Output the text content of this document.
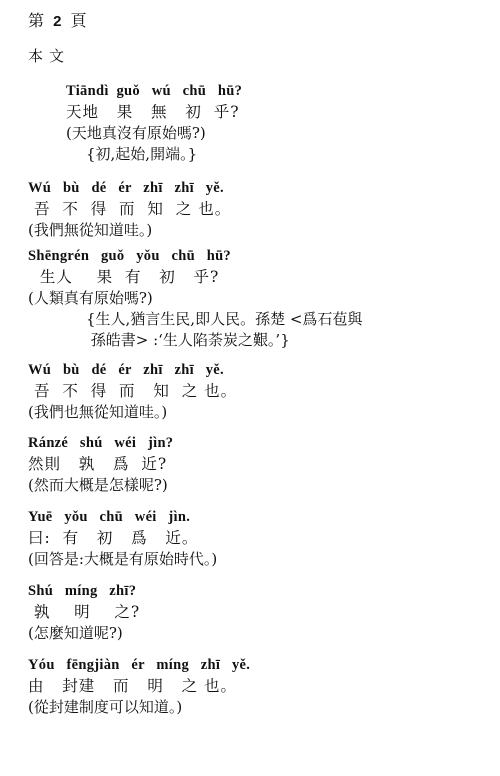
第 2 頁
本文
Tiāndì  guǒ   wú   chū   hū?
天地   果   無   初  乎?
(天地真沒有原始嗎?)
{初,起始,開端。}
Wú   bù   dé   ér   zhī   zhī   yě.
吾  不  得  而  知  之 也。
(我們無從知道哇。)
Shēngrén   guǒ   yǒu   chū   hū?
生人    果  有   初   乎?
(人類真有原始嗎?)
{生人,猶言生民,即人民。孫楚 <爲石苞與
孫皓書> :‘生人陷荼炭之艱。’}
Wú   bù   dé   ér   zhī   zhī   yě.
吾  不  得  而   知  之 也。
(我們也無從知道哇。)
Ránzé   shú   wéi   jìn?
然則   孰   爲  近?
(然而大概是怎樣呢?)
Yuē   yǒu   chū   wéi   jìn.
曰:  有   初   爲   近。
(回答是:大概是有原始時代。)
Shú   míng   zhī?
孰    明    之?
(怎麼知道呢?)
Yóu   fēngjiàn   ér   míng   zhī   yě.
由   封建   而   明   之 也。
(從封建制度可以知道。)
